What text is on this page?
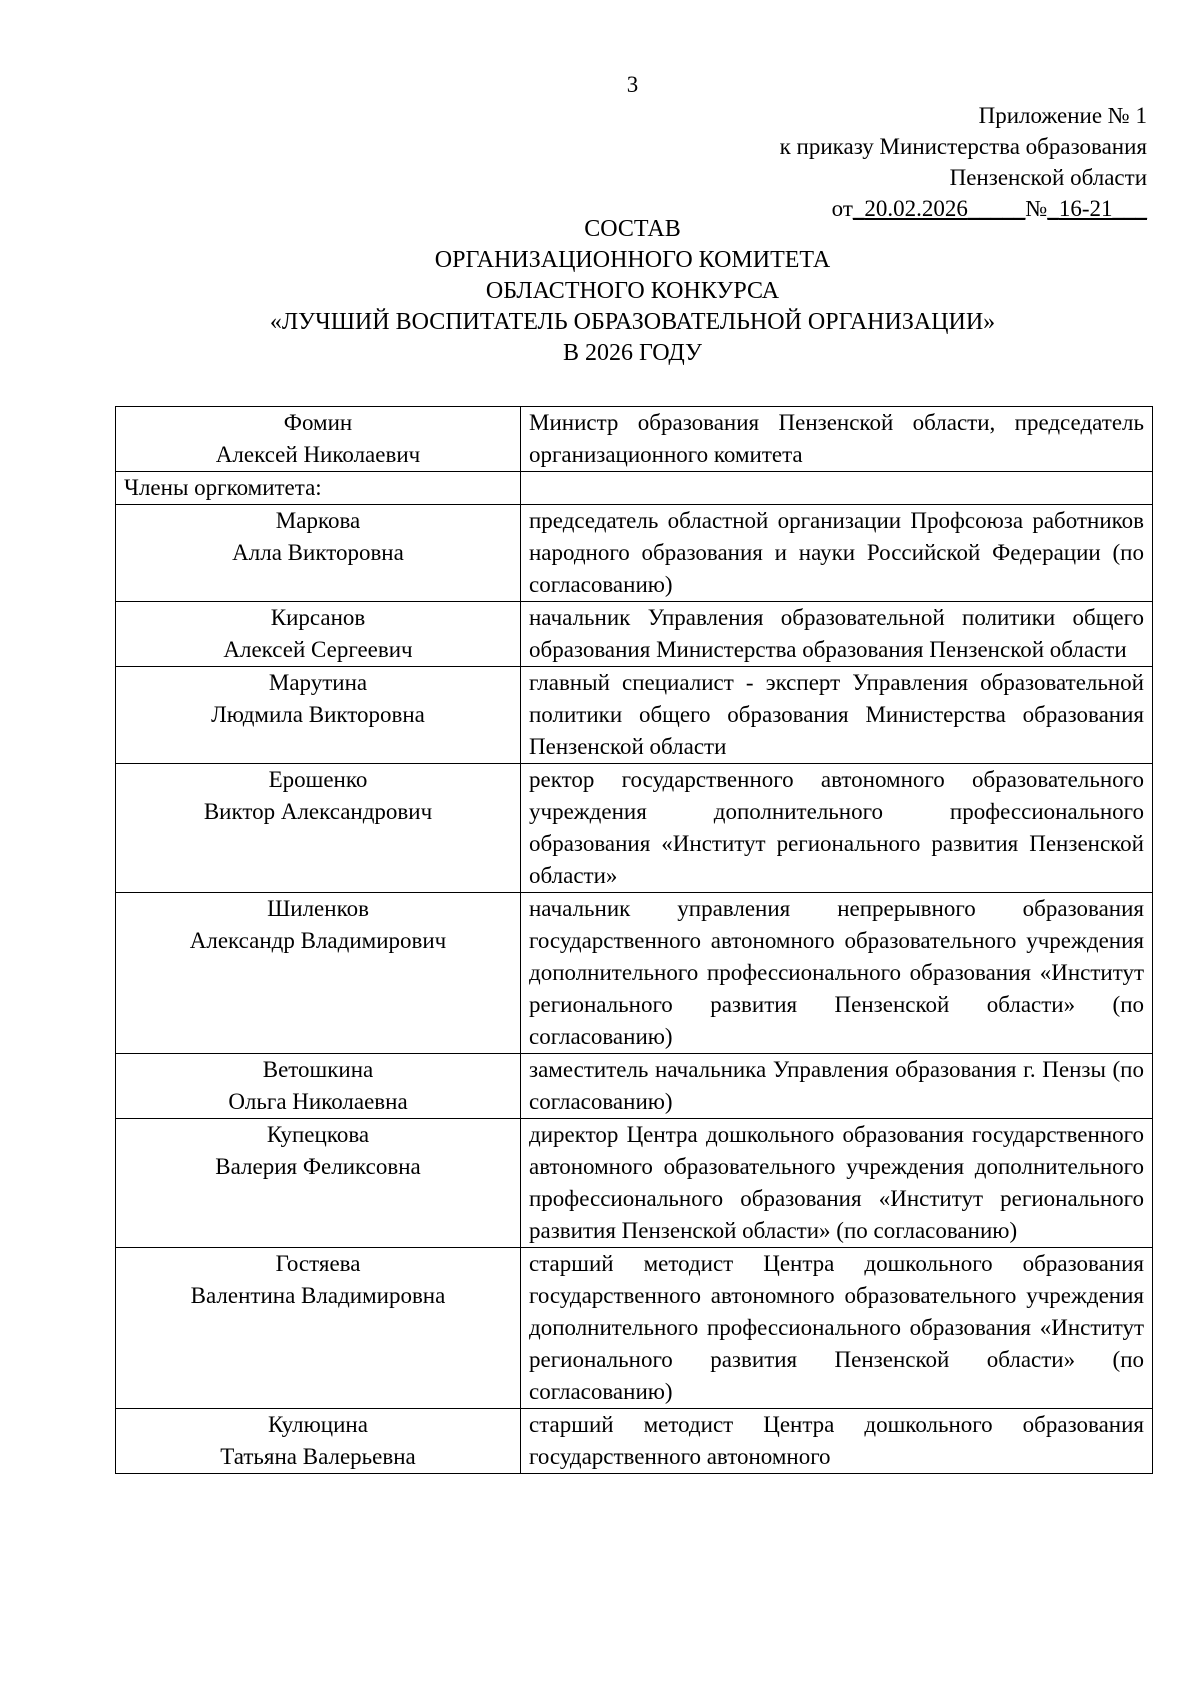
3
Приложение № 1
к приказу Министерства образования
Пензенской области
от_20.02.2026_____№_16-21___
СОСТАВ
ОРГАНИЗАЦИОННОГО КОМИТЕТА
ОБЛАСТНОГО КОНКУРСА
«ЛУЧШИЙ ВОСПИТАТЕЛЬ ОБРАЗОВАТЕЛЬНОЙ ОРГАНИЗАЦИИ»
В 2026 ГОДУ
Фомин
Алексей Николаевич	Министр образования Пензенской области, председатель организационного комитета
Члены оргкомитета:	

Маркова
Алла Викторовна	председатель областной организации Профсоюза работников народного образования и науки Российской Федерации (по согласованию)

Кирсанов
Алексей Сергеевич	начальник Управления образовательной политики общего образования Министерства образования Пензенской области

Марутина
Людмила Викторовна	главный специалист - эксперт Управления образовательной политики общего образования Министерства образования Пензенской области

Ерошенко
Виктор Александрович	ректор государственного автономного образовательного учреждения дополнительного профессионального образования «Институт регионального развития Пензенской области»

Шиленков
Александр Владимирович	начальник управления непрерывного образования государственного автономного образовательного учреждения дополнительного профессионального образования «Институт регионального развития Пензенской области» (по согласованию)

Ветошкина
Ольга Николаевна	заместитель начальника Управления образования г. Пензы (по согласованию)

Купецкова
Валерия Феликсовна	директор Центра дошкольного образования государственного автономного образовательного учреждения дополнительного профессионального образования «Институт регионального развития Пензенской области» (по согласованию)

Гостяева
Валентина Владимировна	старший методист Центра дошкольного образования государственного автономного образовательного учреждения дополнительного профессионального образования «Институт регионального развития Пензенской области» (по согласованию)

Кулюцина
Татьяна Валерьевна	старший методист Центра дошкольного образования государственного автономного
